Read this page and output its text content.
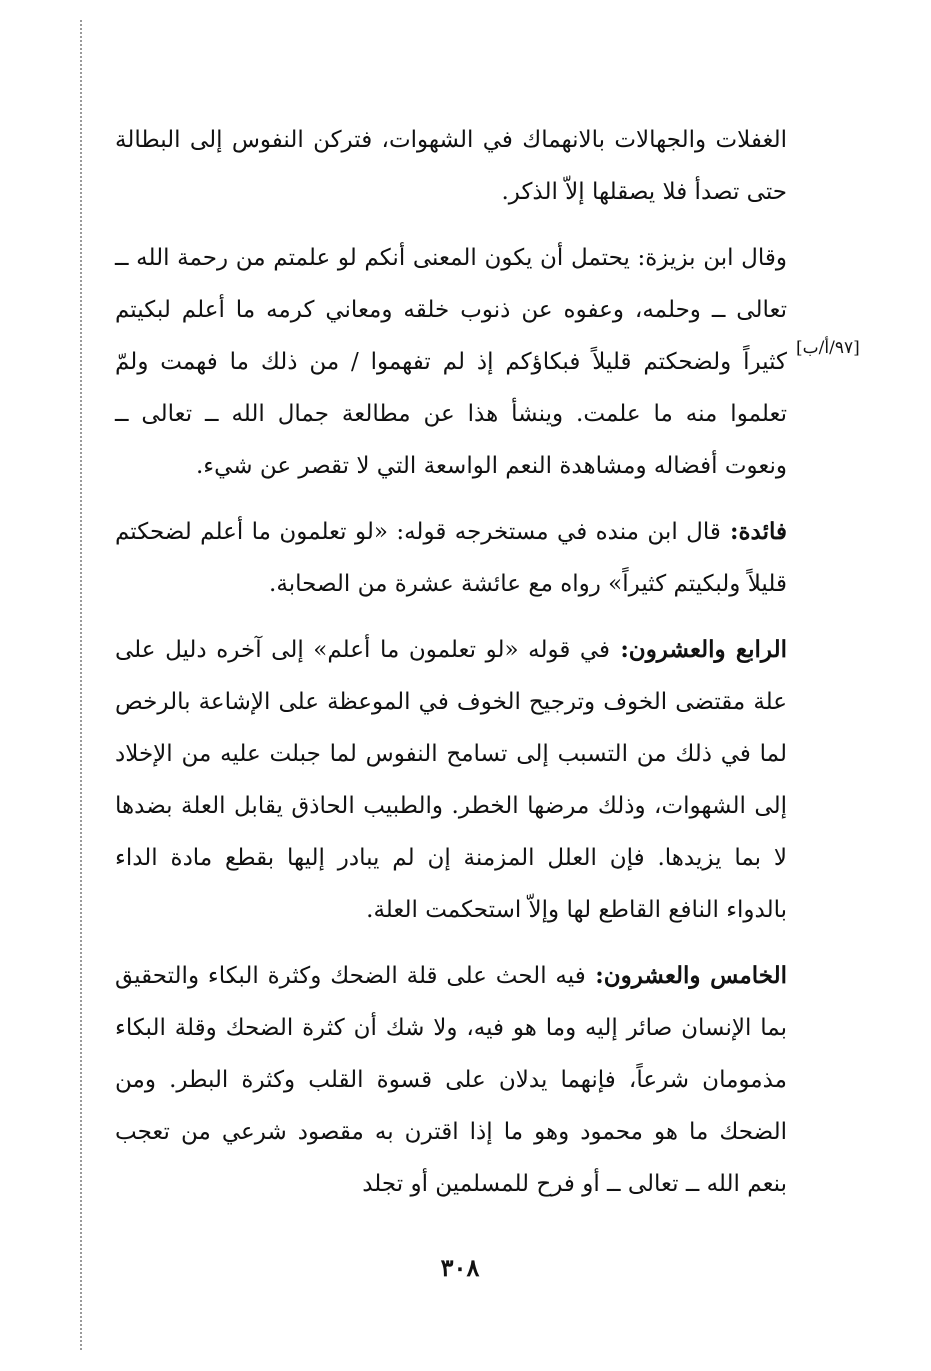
[٩٧/أ/ب]

الغفلات والجهالات بالانهماك في الشهوات، فتركن النفوس إلى البطالة حتى تصدأ فلا يصقلها إلاّ الذكر.

وقال ابن بزيزة: يحتمل أن يكون المعنى أنكم لو علمتم من رحمة الله ــ تعالى ــ وحلمه، وعفوه عن ذنوب خلقه ومعاني كرمه ما أعلم لبكيتم كثيراً ولضحكتم قليلاً فبكاؤكم إذ لم تفهموا / من ذلك ما فهمت ولمّ تعلموا منه ما علمت. وينشأ هذا عن مطالعة جمال الله ــ تعالى ــ ونعوت أفضاله ومشاهدة النعم الواسعة التي لا تقصر عن شيء.

فائدة: قال ابن منده في مستخرجه قوله: «لو تعلمون ما أعلم لضحكتم قليلاً ولبكيتم كثيراً» رواه مع عائشة عشرة من الصحابة.

الرابع والعشرون: في قوله «لو تعلمون ما أعلم» إلى آخره دليل على علة مقتضى الخوف وترجيح الخوف في الموعظة على الإشاعة بالرخص لما في ذلك من التسبب إلى تسامح النفوس لما جبلت عليه من الإخلاد إلى الشهوات، وذلك مرضها الخطر. والطبيب الحاذق يقابل العلة بضدها لا بما يزيدها. فإن العلل المزمنة إن لم يبادر إليها بقطع مادة الداء بالدواء النافع القاطع لها وإلاّ استحكمت العلة.

الخامس والعشرون: فيه الحث على قلة الضحك وكثرة البكاء والتحقيق بما الإنسان صائر إليه وما هو فيه، ولا شك أن كثرة الضحك وقلة البكاء مذمومان شرعاً، فإنهما يدلان على قسوة القلب وكثرة البطر. ومن الضحك ما هو محمود وهو ما إذا اقترن به مقصود شرعي من تعجب بنعم الله ــ تعالى ــ أو فرح للمسلمين أو تجلد

٣٠٨
